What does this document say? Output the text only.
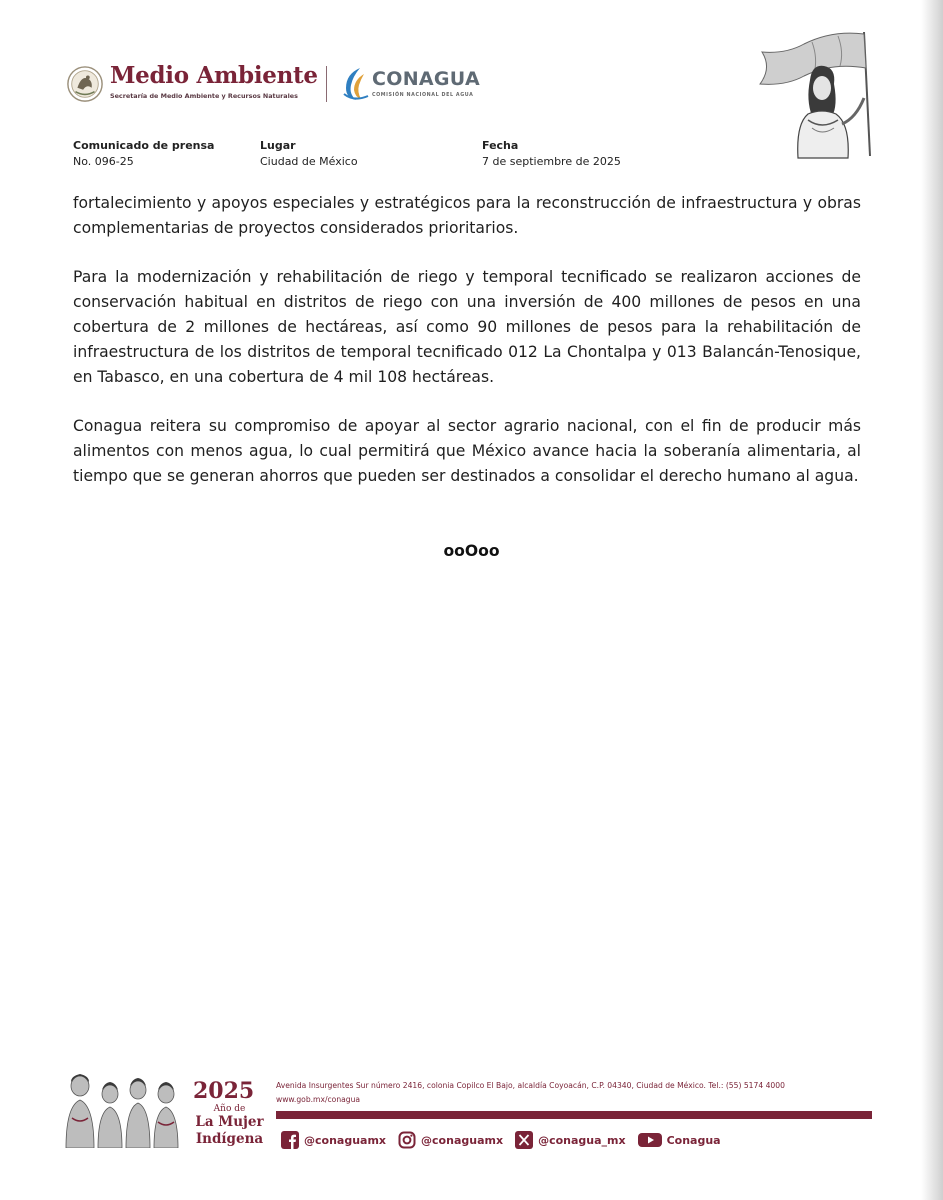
Medio Ambiente
Secretaría de Medio Ambiente y Recursos Naturales
CONAGUA
COMISIÓN NACIONAL DEL AGUA
Comunicado de prensa
No. 096-25
Lugar
Ciudad de México
Fecha
7 de septiembre de 2025

fortalecimiento y apoyos especiales y estratégicos para la reconstrucción de infraestructura y obras complementarias de proyectos considerados prioritarios.

Para la modernización y rehabilitación de riego y temporal tecnificado se realizaron acciones de conservación habitual en distritos de riego con una inversión de 400 millones de pesos en una cobertura de 2 millones de hectáreas, así como 90 millones de pesos para la rehabilitación de infraestructura de los distritos de temporal tecnificado 012 La Chontalpa y 013 Balancán-Tenosique, en Tabasco, en una cobertura de 4 mil 108 hectáreas.

Conagua reitera su compromiso de apoyar al sector agrario nacional, con el fin de producir más alimentos con menos agua, lo cual permitirá que México avance hacia la soberanía alimentaria, al tiempo que se generan ahorros que pueden ser destinados a consolidar el derecho humano al agua.

ooOoo
2025
Año de
La Mujer Indígena
Avenida Insurgentes Sur número 2416, colonia Copilco El Bajo, alcaldía Coyoacán, C.P. 04340, Ciudad de México. Tel.: (55) 5174 4000
www.gob.mx/conagua
@conaguamx	@conaguamx	@conagua_mx	Conagua
